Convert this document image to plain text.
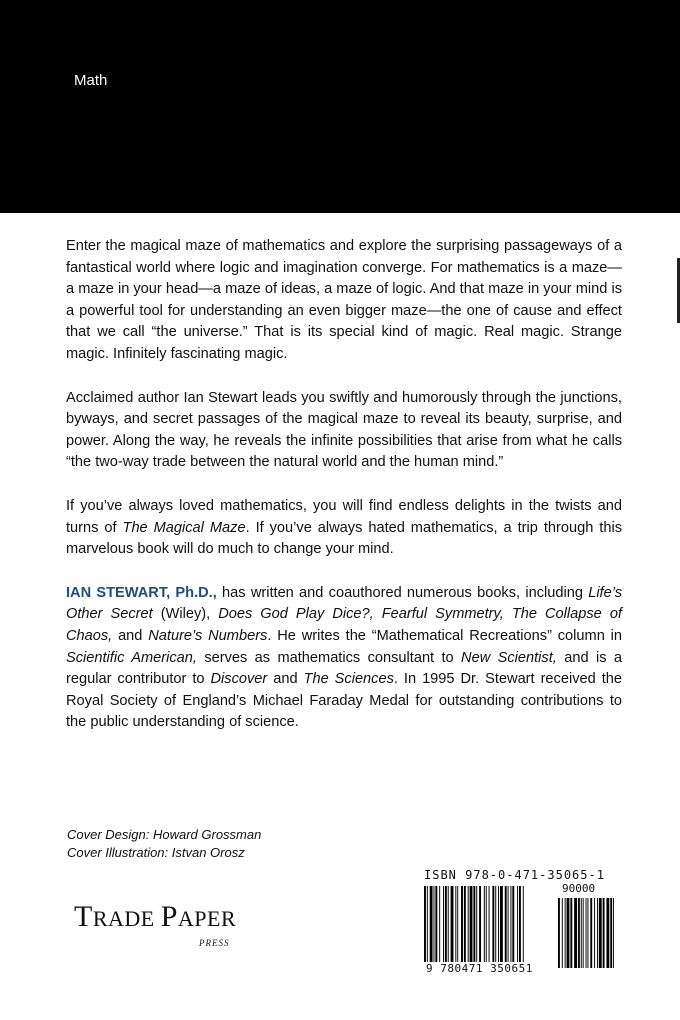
Math

Enter the magical maze of mathematics and explore the surprising passageways of a fantastical world where logic and imagination converge. For mathematics is a maze—a maze in your head—a maze of ideas, a maze of logic. And that maze in your mind is a powerful tool for understanding an even bigger maze—the one of cause and effect that we call “the universe.” That is its special kind of magic. Real magic. Strange magic. Infinitely fascinating magic.

Acclaimed author Ian Stewart leads you swiftly and humorously through the junctions, byways, and secret passages of the magical maze to reveal its beauty, surprise, and power. Along the way, he reveals the infinite possibilities that arise from what he calls “the two-way trade between the natural world and the human mind.”

If you’ve always loved mathematics, you will find endless delights in the twists and turns of The Magical Maze. If you’ve always hated mathematics, a trip through this marvelous book will do much to change your mind.

IAN STEWART, Ph.D., has written and coauthored numerous books, including Life’s Other Secret (Wiley), Does God Play Dice?, Fearful Symmetry, The Collapse of Chaos, and Nature’s Numbers. He writes the “Mathematical Recreations” column in Scientific American, serves as mathematics consultant to New Scientist, and is a regular contributor to Discover and The Sciences. In 1995 Dr. Stewart received the Royal Society of England’s Michael Faraday Medal for outstanding contributions to the public understanding of science.

Cover Design: Howard Grossman
Cover Illustration: Istvan Orosz
TRADE PAPER
PRESS
ISBN 978-0-471-35065-1
90000
9 780471 350651
